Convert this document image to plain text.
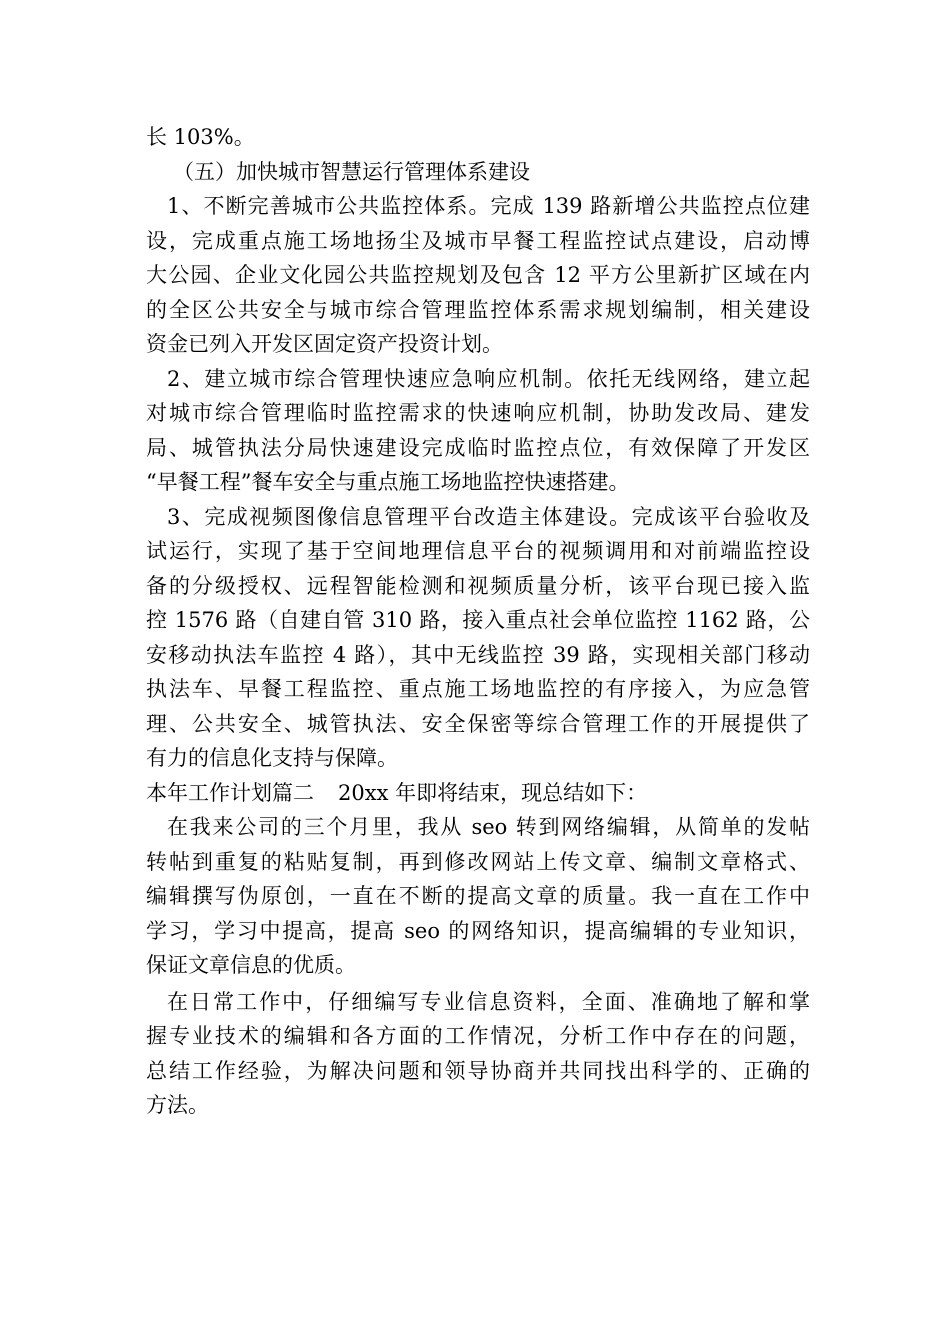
长 103%。
（五）加快城市智慧运行管理体系建设
1、不断完善城市公共监控体系。完成 139 路新增公共监控点位建
设，完成重点施工场地扬尘及城市早餐工程监控试点建设，启动博
大公园、企业文化园公共监控规划及包含 12 平方公里新扩区域在内
的全区公共安全与城市综合管理监控体系需求规划编制，相关建设
资金已列入开发区固定资产投资计划。
2、建立城市综合管理快速应急响应机制。依托无线网络，建立起
对城市综合管理临时监控需求的快速响应机制，协助发改局、建发
局、城管执法分局快速建设完成临时监控点位，有效保障了开发区
“早餐工程”餐车安全与重点施工场地监控快速搭建。
3、完成视频图像信息管理平台改造主体建设。完成该平台验收及
试运行，实现了基于空间地理信息平台的视频调用和对前端监控设
备的分级授权、远程智能检测和视频质量分析，该平台现已接入监
控 1576 路（自建自管 310 路，接入重点社会单位监控 1162 路，公
安移动执法车监控 4 路），其中无线监控 39 路，实现相关部门移动
执法车、早餐工程监控、重点施工场地监控的有序接入，为应急管
理、公共安全、城管执法、安全保密等综合管理工作的开展提供了
有力的信息化支持与保障。
本年工作计划篇二 20xx 年即将结束，现总结如下：
在我来公司的三个月里，我从 seo 转到网络编辑，从简单的发帖
转帖到重复的粘贴复制，再到修改网站上传文章、编制文章格式、
编辑撰写伪原创，一直在不断的提高文章的质量。我一直在工作中
学习，学习中提高，提高 seo 的网络知识，提高编辑的专业知识，
保证文章信息的优质。
在日常工作中，仔细编写专业信息资料，全面、准确地了解和掌
握专业技术的编辑和各方面的工作情况，分析工作中存在的问题，
总结工作经验，为解决问题和领导协商并共同找出科学的、正确的
方法。
